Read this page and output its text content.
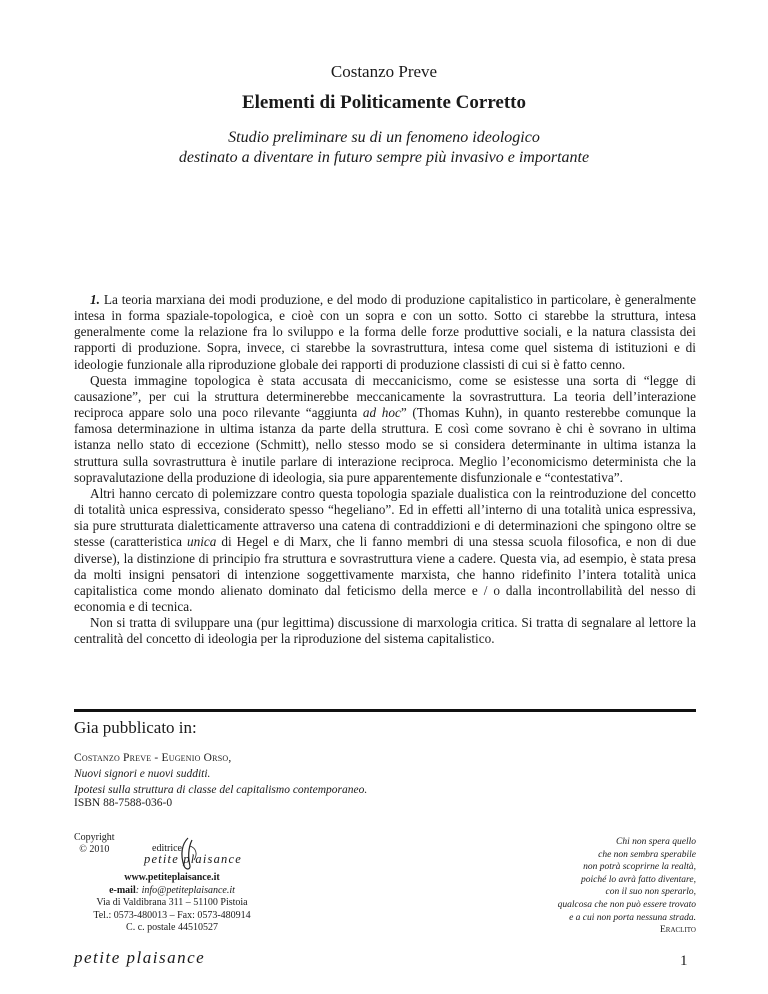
Costanzo Preve
Elementi di Politicamente Corretto
Studio preliminare su di un fenomeno ideologico
destinato a diventare in futuro sempre più invasivo e importante

1. La teoria marxiana dei modi produzione, e del modo di produzione capitalistico in particolare, è generalmente intesa in forma spaziale-topologica, e cioè con un sopra e con un sotto. Sotto ci starebbe la struttura, intesa generalmente come la relazione fra lo sviluppo e la forma delle forze produttive sociali, e la natura classista dei rapporti di produzione. Sopra, invece, ci starebbe la sovrastruttura, intesa come quel sistema di istituzioni e di ideologie funzionale alla riproduzione globale dei rapporti di produzione classisti di cui si è fatto cenno.

Questa immagine topologica è stata accusata di meccanicismo, come se esistesse una sorta di “legge di causazione”, per cui la struttura determinerebbe meccanicamente la sovrastruttura. La teoria dell’interazione reciproca appare solo una poco rilevante “aggiunta ad hoc” (Thomas Kuhn), in quanto resterebbe comunque la famosa determinazione in ultima istanza da parte della struttura. E così come sovrano è chi è sovrano in ultima istanza nello stato di eccezione (Schmitt), nello stesso modo se si considera determinante in ultima istanza la struttura sulla sovrastruttura è inutile parlare di interazione reciproca. Meglio l’economicismo determinista che la sopravalutazione della produzione di ideologia, sia pure apparentemente disfunzionale e “contestativa”.

Altri hanno cercato di polemizzare contro questa topologia spaziale dualistica con la reintroduzione del concetto di totalità unica espressiva, considerato spesso “hegeliano”. Ed in effetti all’interno di una totalità unica espressiva, sia pure strutturata dialetticamente attraverso una catena di contraddizioni e di determinazioni che spingono oltre se stesse (caratteristica unica di Hegel e di Marx, che li fanno membri di una stessa scuola filosofica, e non di due diverse), la distinzione di principio fra struttura e sovrastruttura viene a cadere. Questa via, ad esempio, è stata presa da molti insigni pensatori di intenzione soggettivamente marxista, che hanno ridefinito l’intera totalità unica capitalistica come mondo alienato dominato dal feticismo della merce e / o dalla incontrollabilità del nesso di economia e di tecnica.

Non si tratta di sviluppare una (pur legittima) discussione di marxologia critica. Si tratta di segnalare al lettore la centralità del concetto di ideologia per la riproduzione del sistema capitalistico.

Gia pubblicato in:
Costanzo Preve - Eugenio Orso,
Nuovi signori e nuovi sudditi.
Ipotesi sulla struttura di classe del capitalismo contemporaneo.
ISBN 88-7588-036-0
Copyright
© 2010	editrice
petite plaisance
www.petiteplaisance.it
e-mail: info@petiteplaisance.it
Via di Valdibrana 311 – 51100 Pistoia
Tel.: 0573-480013 – Fax: 0573-480914
C. c. postale 44510527
Chi non spera quello
che non sembra sperabile
non potrà scoprirne la realtà,
poiché lo avrà fatto diventare,
con il suo non sperarlo,
qualcosa che non può essere trovato
e a cui non porta nessuna strada.
Eraclito
petite plaisance	1
